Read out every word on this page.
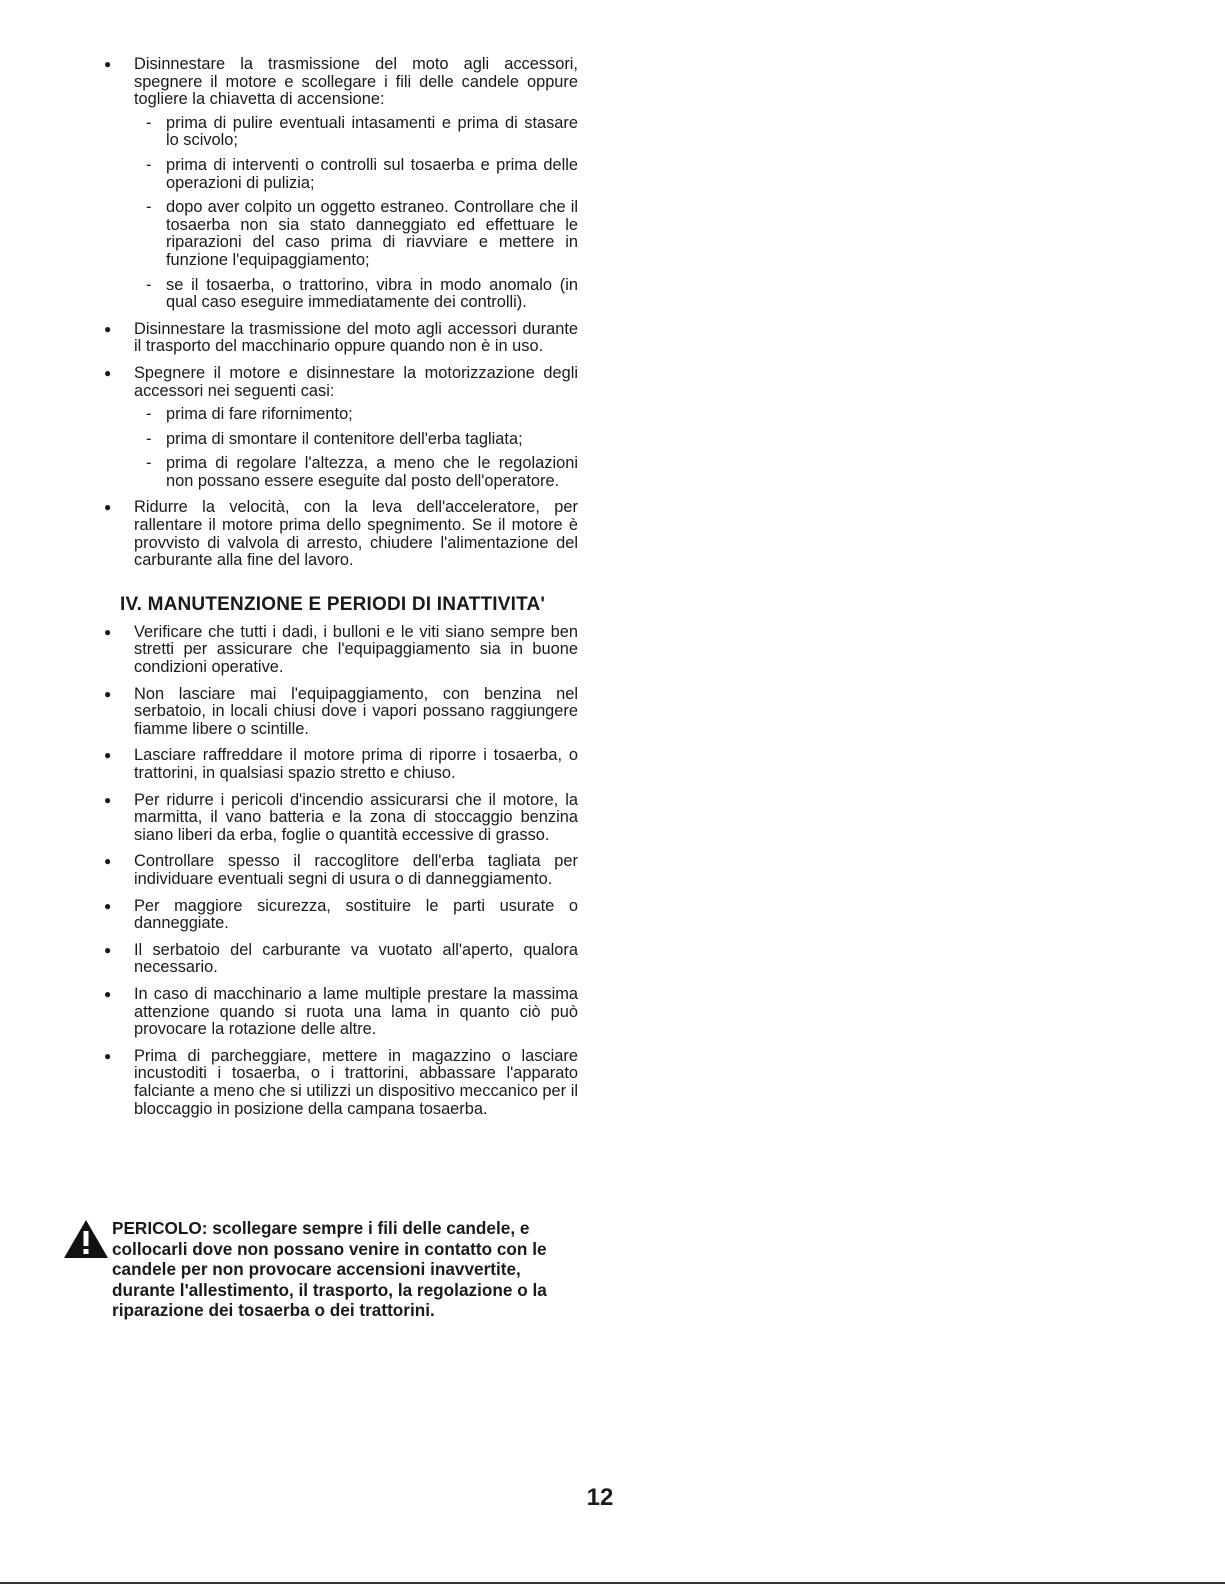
● Disinnestare la trasmissione del moto agli accessori, spegnere il motore e scollegare i fili delle candele oppure togliere la chiavetta di accensione:
- prima di pulire eventuali intasamenti e prima di stasare lo scivolo;
- prima di interventi o controlli sul tosaerba e prima delle operazioni di pulizia;
- dopo aver colpito un oggetto estraneo. Controllare che il tosaerba non sia stato danneggiato ed effettuare le riparazioni del caso prima di riavviare e mettere in funzione l'equipaggiamento;
- se il tosaerba, o trattorino, vibra in modo anomalo (in qual caso eseguire immediatamente dei controlli).
● Disinnestare la trasmissione del moto agli accessori durante il trasporto del macchinario oppure quando non è in uso.
● Spegnere il motore e disinnestare la motorizzazione degli accessori nei seguenti casi:
- prima di fare rifornimento;
- prima di smontare il contenitore dell'erba tagliata;
- prima di regolare l'altezza, a meno che le regolazioni non possano essere eseguite dal posto dell'operatore.
● Ridurre la velocità, con la leva dell'acceleratore, per rallentare il motore prima dello spegnimento. Se il motore è provvisto di valvola di arresto, chiudere l'alimentazione del carburante alla fine del lavoro.
IV. MANUTENZIONE E PERIODI DI INATTIVITA'
● Verificare che tutti i dadi, i bulloni e le viti siano sempre ben stretti per assicurare che l'equipaggiamento sia in buone condizioni operative.
● Non lasciare mai l'equipaggiamento, con benzina nel serbatoio, in locali chiusi dove i vapori possano raggiungere fiamme libere o scintille.
● Lasciare raffreddare il motore prima di riporre i tosaerba, o trattorini, in qualsiasi spazio stretto e chiuso.
● Per ridurre i pericoli d'incendio assicurarsi che il motore, la marmitta, il vano batteria e la zona di stoccaggio benzina siano liberi da erba, foglie o quantità eccessive di grasso.
● Controllare spesso il raccoglitore dell'erba tagliata per individuare eventuali segni di usura o di danneggiamento.
● Per maggiore sicurezza, sostituire le parti usurate o danneggiate.
● Il serbatoio del carburante va vuotato all'aperto, qualora necessario.
● In caso di macchinario a lame multiple prestare la massima attenzione quando si ruota una lama in quanto ciò può provocare la rotazione delle altre.
● Prima di parcheggiare, mettere in magazzino o lasciare incustoditi i tosaerba, o i trattorini, abbassare l'apparato falciante a meno che si utilizzi un dispositivo meccanico per il bloccaggio in posizione della campana tosaerba.
PERICOLO: scollegare sempre i fili delle candele, e collocarli dove non possano venire in contatto con le candele per non provocare accensioni inavvertite, durante l'allestimento, il trasporto, la regolazione o la riparazione dei tosaerba o dei trattorini.
12
